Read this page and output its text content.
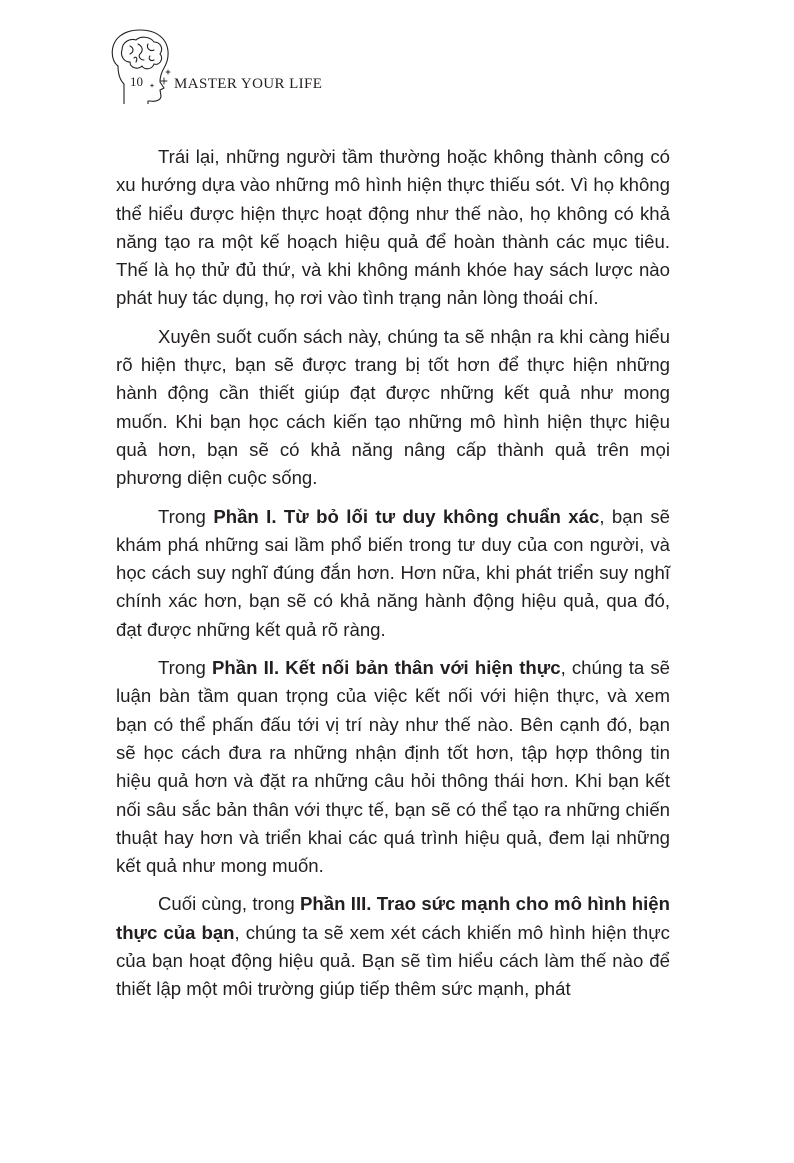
10 MASTER YOUR LIFE

Trái lại, những người tầm thường hoặc không thành công có xu hướng dựa vào những mô hình hiện thực thiếu sót. Vì họ không thể hiểu được hiện thực hoạt động như thế nào, họ không có khả năng tạo ra một kế hoạch hiệu quả để hoàn thành các mục tiêu. Thế là họ thử đủ thứ, và khi không mánh khóe hay sách lược nào phát huy tác dụng, họ rơi vào tình trạng nản lòng thoái chí.

Xuyên suốt cuốn sách này, chúng ta sẽ nhận ra khi càng hiểu rõ hiện thực, bạn sẽ được trang bị tốt hơn để thực hiện những hành động cần thiết giúp đạt được những kết quả như mong muốn. Khi bạn học cách kiến tạo những mô hình hiện thực hiệu quả hơn, bạn sẽ có khả năng nâng cấp thành quả trên mọi phương diện cuộc sống.

Trong Phần I. Từ bỏ lối tư duy không chuẩn xác, bạn sẽ khám phá những sai lầm phổ biến trong tư duy của con người, và học cách suy nghĩ đúng đắn hơn. Hơn nữa, khi phát triển suy nghĩ chính xác hơn, bạn sẽ có khả năng hành động hiệu quả, qua đó, đạt được những kết quả rõ ràng.

Trong Phần II. Kết nối bản thân với hiện thực, chúng ta sẽ luận bàn tầm quan trọng của việc kết nối với hiện thực, và xem bạn có thể phấn đấu tới vị trí này như thế nào. Bên cạnh đó, bạn sẽ học cách đưa ra những nhận định tốt hơn, tập hợp thông tin hiệu quả hơn và đặt ra những câu hỏi thông thái hơn. Khi bạn kết nối sâu sắc bản thân với thực tế, bạn sẽ có thể tạo ra những chiến thuật hay hơn và triển khai các quá trình hiệu quả, đem lại những kết quả như mong muốn.

Cuối cùng, trong Phần III. Trao sức mạnh cho mô hình hiện thực của bạn, chúng ta sẽ xem xét cách khiến mô hình hiện thực của bạn hoạt động hiệu quả. Bạn sẽ tìm hiểu cách làm thế nào để thiết lập một môi trường giúp tiếp thêm sức mạnh, phát
